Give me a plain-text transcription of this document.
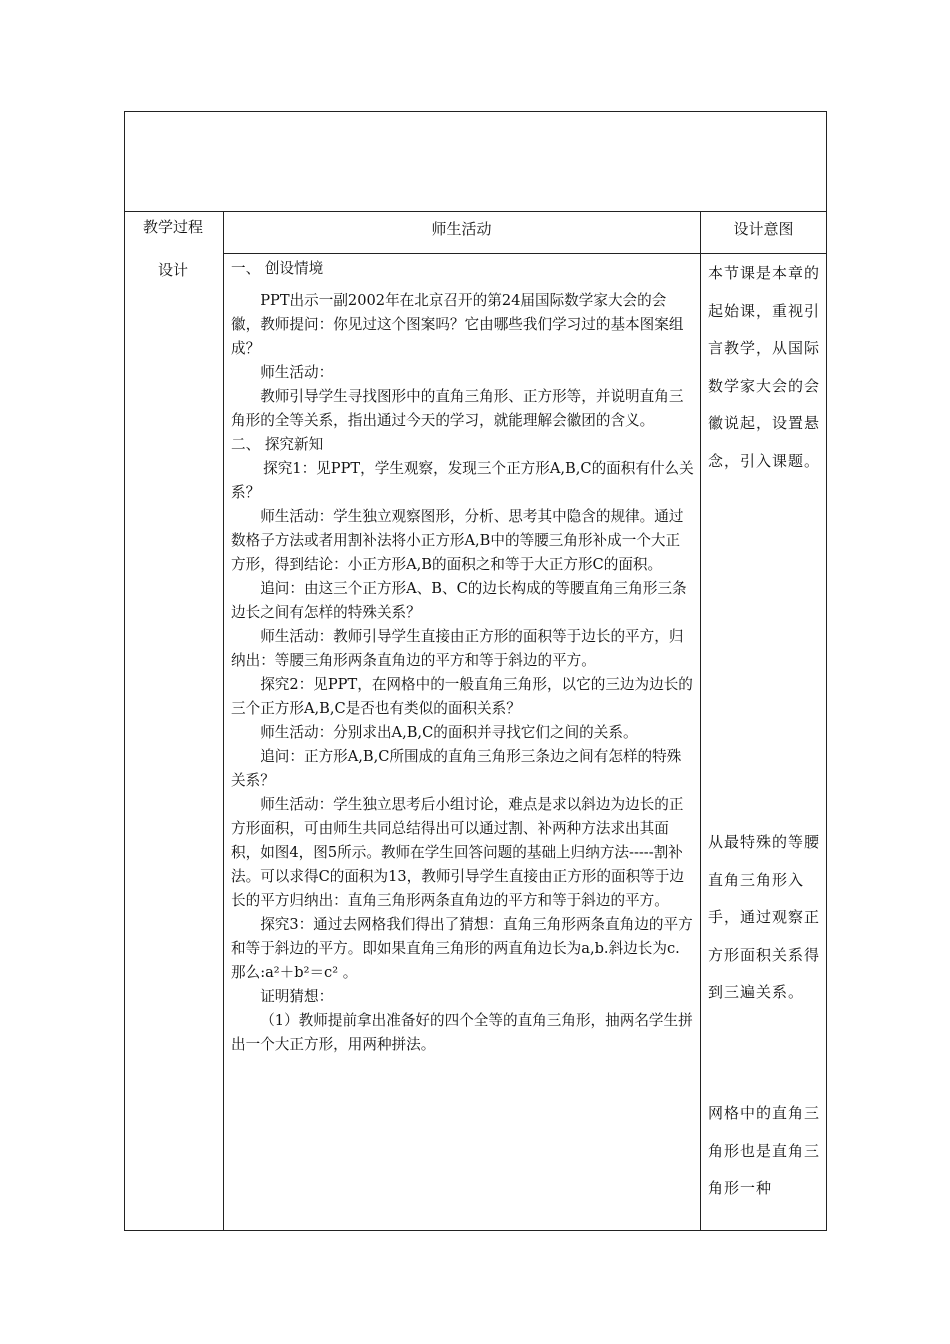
教学过程
设计
师生活动	设计意图

一、 创设情境

PPT出示一副2002年在北京召开的第24届国际数学家大会的会徽，教师提问：你见过这个图案吗？它由哪些我们学习过的基本图案组成？

师生活动：

教师引导学生寻找图形中的直角三角形、正方形等，并说明直角三角形的全等关系，指出通过今天的学习，就能理解会徽团的含义。

二、 探究新知

探究1：见PPT，学生观察，发现三个正方形A,B,C的面积有什么关系？

师生活动：学生独立观察图形，分析、思考其中隐含的规律。通过数格子方法或者用割补法将小正方形A,B中的等腰三角形补成一个大正方形，得到结论：小正方形A,B的面积之和等于大正方形C的面积。

追问：由这三个正方形A、B、C的边长构成的等腰直角三角形三条边长之间有怎样的特殊关系？

师生活动：教师引导学生直接由正方形的面积等于边长的平方，归纳出：等腰三角形两条直角边的平方和等于斜边的平方。

探究2：见PPT，在网格中的一般直角三角形，以它的三边为边长的三个正方形A,B,C是否也有类似的面积关系？

师生活动：分别求出A,B,C的面积并寻找它们之间的关系。

追问：正方形A,B,C所围成的直角三角形三条边之间有怎样的特殊关系？

师生活动：学生独立思考后小组讨论，难点是求以斜边为边长的正方形面积，可由师生共同总结得出可以通过割、补两种方法求出其面积，如图4，图5所示。教师在学生回答问题的基础上归纳方法-----割补法。可以求得C的面积为13，教师引导学生直接由正方形的面积等于边长的平方归纳出：直角三角形两条直角边的平方和等于斜边的平方。

探究3：通过去网格我们得出了猜想：直角三角形两条直角边的平方和等于斜边的平方。即如果直角三角形的两直角边长为a,b.斜边长为c. 那么:a²＋b²＝c² 。

证明猜想：

（1）教师提前拿出准备好的四个全等的直角三角形，抽两名学生拼出一个大正方形，用两种拼法。

本节课是本章的起始课，重视引言教学，从国际数学家大会的会徽说起，设置悬念，引入课题。
从最特殊的等腰直角三角形入手，通过观察正方形面积关系得到三遍关系。
网格中的直角三角形也是直角三角形一种
